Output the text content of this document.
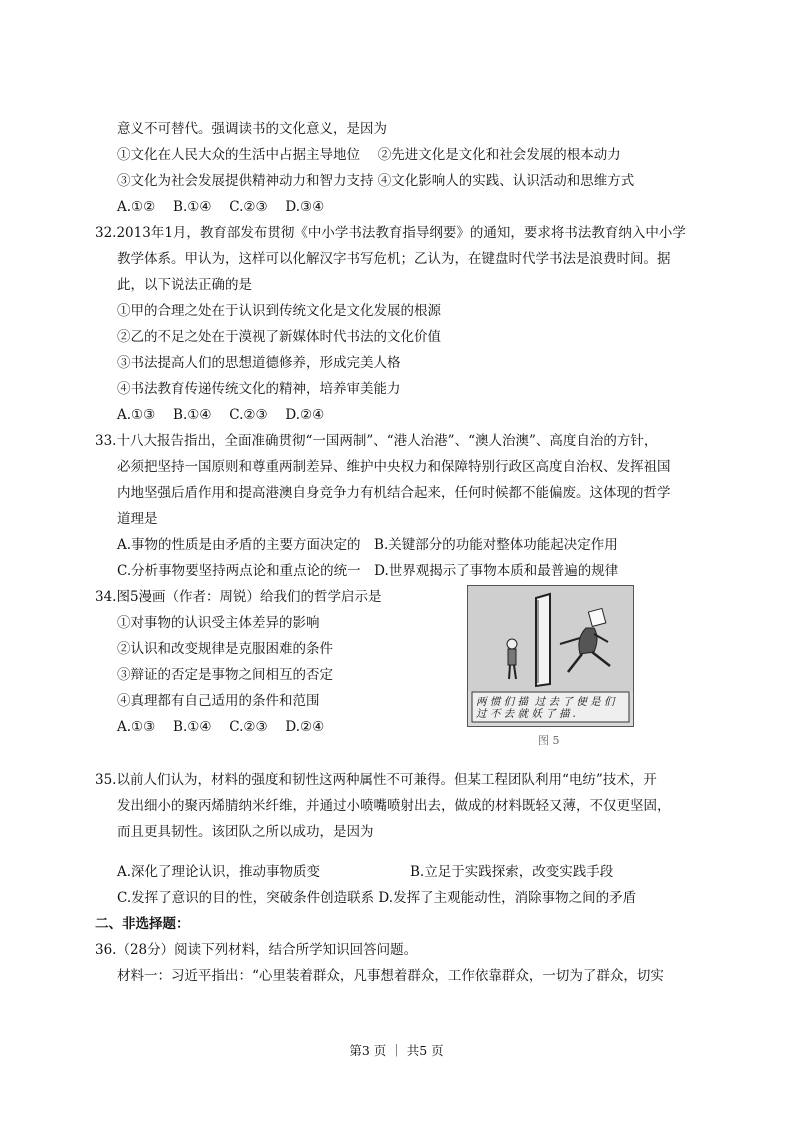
意义不可替代。强调读书的文化意义，是因为
①文化在人民大众的生活中占据主导地位　 ②先进文化是文化和社会发展的根本动力
③文化为社会发展提供精神动力和智力支持 ④文化影响人的实践、认识活动和思维方式
A.①②　 B.①④　 C.②③　 D.③④
32.2013年1月，教育部发布贯彻《中小学书法教育指导纲要》的通知，要求将书法教育纳入中小学
教学体系。甲认为，这样可以化解汉字书写危机；乙认为，在键盘时代学书法是浪费时间。据
此，以下说法正确的是
①甲的合理之处在于认识到传统文化是文化发展的根源
②乙的不足之处在于漠视了新媒体时代书法的文化价值
③书法提高人们的思想道德修养，形成完美人格
④书法教育传递传统文化的精神，培养审美能力
A.①③　 B.①④　 C.②③　 D.②④
33.十八大报告指出，全面准确贯彻“一国两制”、“港人治港”、“澳人治澳”、高度自治的方针，
必须把坚持一国原则和尊重两制差异、维护中央权力和保障特别行政区高度自治权、发挥祖国
内地坚强后盾作用和提高港澳自身竞争力有机结合起来，任何时候都不能偏废。这体现的哲学
道理是
A.事物的性质是由矛盾的主要方面决定的　B.关键部分的功能对整体功能起决定作用
C.分析事物要坚持两点论和重点论的统一　D.世界观揭示了事物本质和最普遍的规律
34.图5漫画（作者：周锐）给我们的哲学启示是
①对事物的认识受主体差异的影响
②认识和改变规律是克服困难的条件
③辩证的否定是事物之间相互的否定
④真理都有自己适用的条件和范围
A.①③　 B.①④　 C.②③　 D.②④
两 惯 们 描  过 去 了 便 是 们
过 不 去 就 妖 了 描 .
图 5
35.以前人们认为，材料的强度和韧性这两种属性不可兼得。但某工程团队利用“电纺”技术，开
发出细小的聚丙烯腈纳米纤维，并通过小喷嘴喷射出去，做成的材料既轻又薄，不仅更坚固，
而且更具韧性。该团队之所以成功，是因为
A.深化了理论认识，推动事物质变	B.立足于实践探索，改变实践手段
C.发挥了意识的目的性，突破条件创造联系 D.发挥了主观能动性，消除事物之间的矛盾
二、非选择题：
36.（28分）阅读下列材料，结合所学知识回答问题。
材料一：习近平指出：“心里装着群众，凡事想着群众，工作依靠群众，一切为了群众，切实
第3 页 ｜ 共5 页
